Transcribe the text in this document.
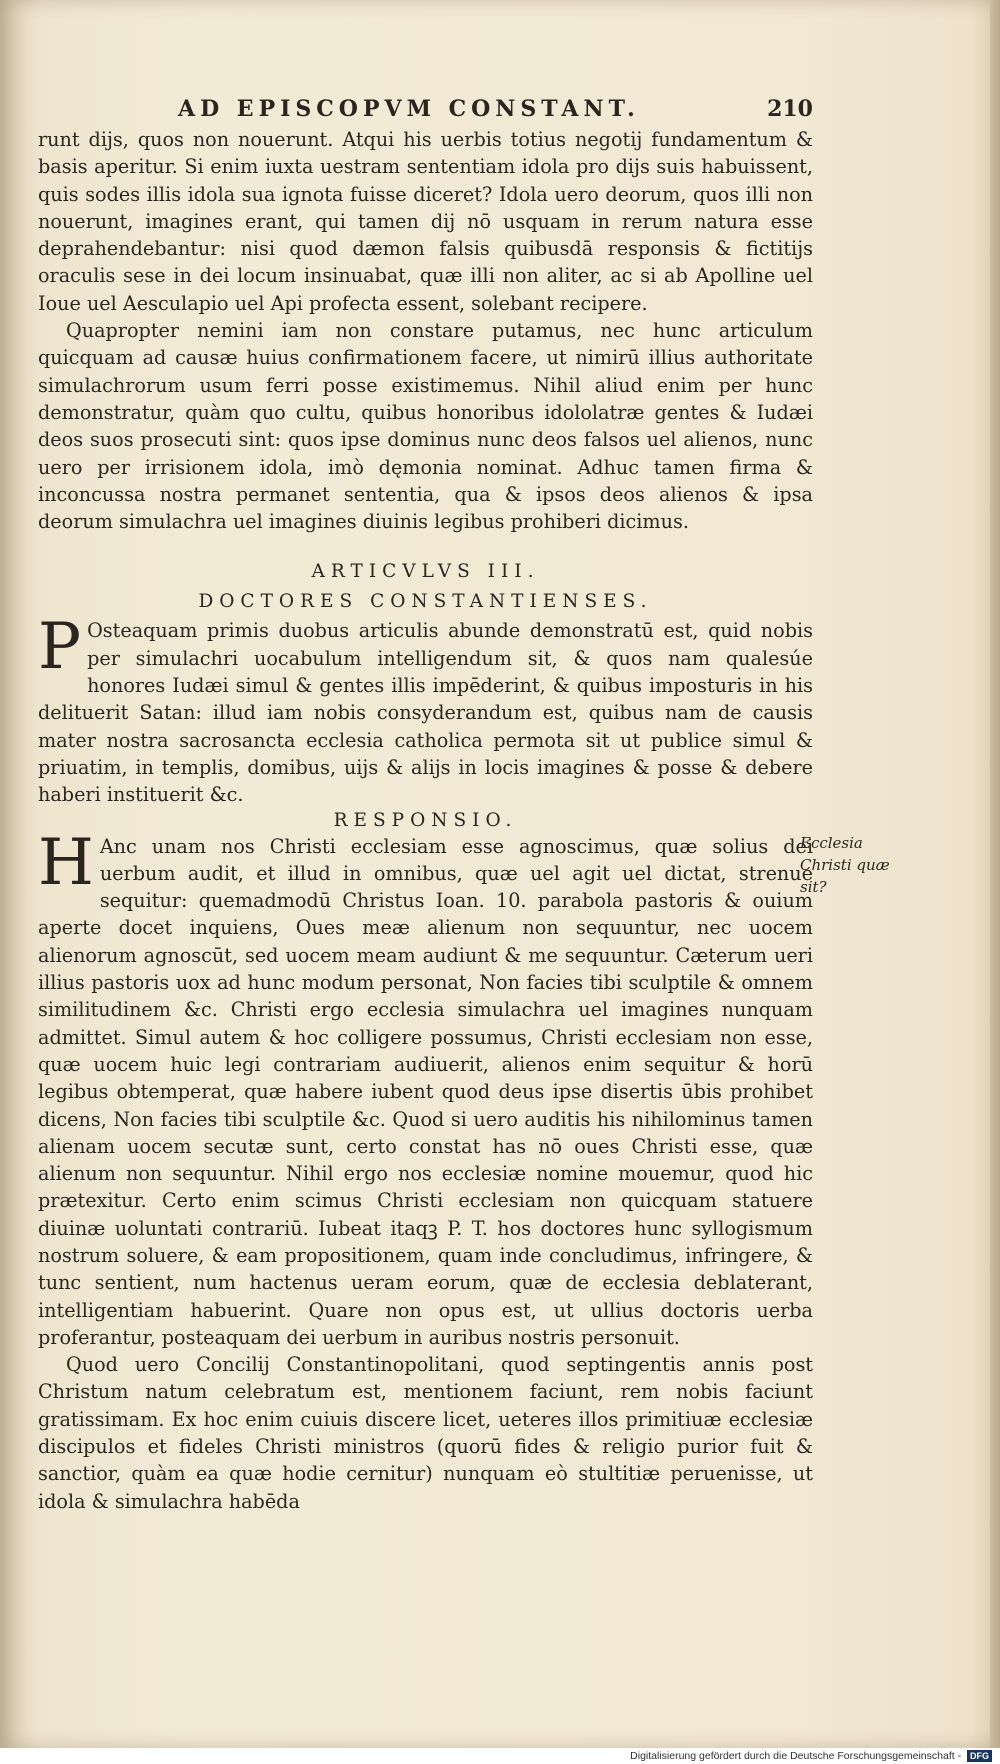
AD EPISCOPVM CONSTANT.	210

runt dijs, quos non nouerunt. Atqui his uerbis totius negotij fundamentum & basis aperitur. Si enim iuxta uestram sententiam idola pro dijs suis habuissent, quis sodes illis idola sua ignota fuisse diceret? Idola uero deorum, quos illi non nouerunt, imagines erant, qui tamen dij nō usquam in rerum natura esse deprahendebantur: nisi quod dæmon falsis quibusdā responsis & fictitijs oraculis sese in dei locum insinuabat, quæ illi non aliter, ac si ab Apolline uel Ioue uel Aesculapio uel Api profecta essent, solebant recipere.

Quapropter nemini iam non constare putamus, nec hunc articulum quicquam ad causæ huius confirmationem facere, ut nimirū illius authoritate simulachrorum usum ferri posse existimemus. Nihil aliud enim per hunc demonstratur, quàm quo cultu, quibus honoribus idololatræ gentes & Iudæi deos suos prosecuti sint: quos ipse dominus nunc deos falsos uel alienos, nunc uero per irrisionem idola, imò dęmonia nominat. Adhuc tamen firma & inconcussa nostra permanet sententia, qua & ipsos deos alienos & ipsa deorum simulachra uel imagines diuinis legibus prohiberi dicimus.

ARTICVLVS III.

DOCTORES CONSTANTIENSES.

P Osteaquam primis duobus articulis abunde demonstratū est, quid nobis per simulachri uocabulum intelligendum sit, & quos nam qualesúe honores Iudæi simul & gentes illis impēderint, & quibus imposturis in his delituerit Satan: illud iam nobis consyderandum est, quibus nam de causis mater nostra sacrosancta ecclesia catholica permota sit ut publice simul & priuatim, in templis, domibus, uijs & alijs in locis imagines & posse & debere haberi instituerit &c.

RESPONSIO.

H Anc unam nos Christi ecclesiam esse agnoscimus, quæ solius dei uerbum audit, et illud in omnibus, quæ uel agit uel dictat, strenue sequitur: quemadmodū Christus Ioan. 10. parabola pastoris & ouium aperte docet inquiens, Oues meæ alienum non sequuntur, nec uocem alienorum agnoscūt, sed uocem meam audiunt & me sequuntur. Cæterum ueri illius pastoris uox ad hunc modum personat, Non facies tibi sculptile & omnem similitudinem &c. Christi ergo ecclesia simulachra uel imagines nunquam admittet. Simul autem & hoc colligere possumus, Christi ecclesiam non esse, quæ uocem huic legi contrariam audiuerit, alienos enim sequitur & horū legibus obtemperat, quæ habere iubent quod deus ipse disertis ūbis prohibet dicens, Non facies tibi sculptile &c. Quod si uero auditis his nihilominus tamen alienam uocem secutæ sunt, certo constat has nō oues Christi esse, quæ alienum non sequuntur. Nihil ergo nos ecclesiæ nomine mouemur, quod hic prætexitur. Certo enim scimus Christi ecclesiam non quicquam statuere diuinæ uoluntati contrariū. Iubeat itaqꝫ P. T. hos doctores hunc syllogismum nostrum soluere, & eam propositionem, quam inde concludimus, infringere, & tunc sentient, num hactenus ueram eorum, quæ de ecclesia deblaterant, intelligentiam habuerint. Quare non opus est, ut ullius doctoris uerba proferantur, posteaquam dei uerbum in auribus nostris personuit.

Quod uero Concilij Constantinopolitani, quod septingentis annis post Christum natum celebratum est, mentionem faciunt, rem nobis faciunt gratissimam. Ex hoc enim cuiuis discere licet, ueteres illos primitiuæ ecclesiæ discipulos et fideles Christi ministros (quorū fides & religio purior fuit & sanctior, quàm ea quæ hodie cernitur) nunquam eò stultitiæ peruenisse, ut idola & simulachra habēda

Ecclesia Christi quæ sit?
Digitalisierung gefördert durch die Deutsche Forschungsgemeinschaft - DFG
